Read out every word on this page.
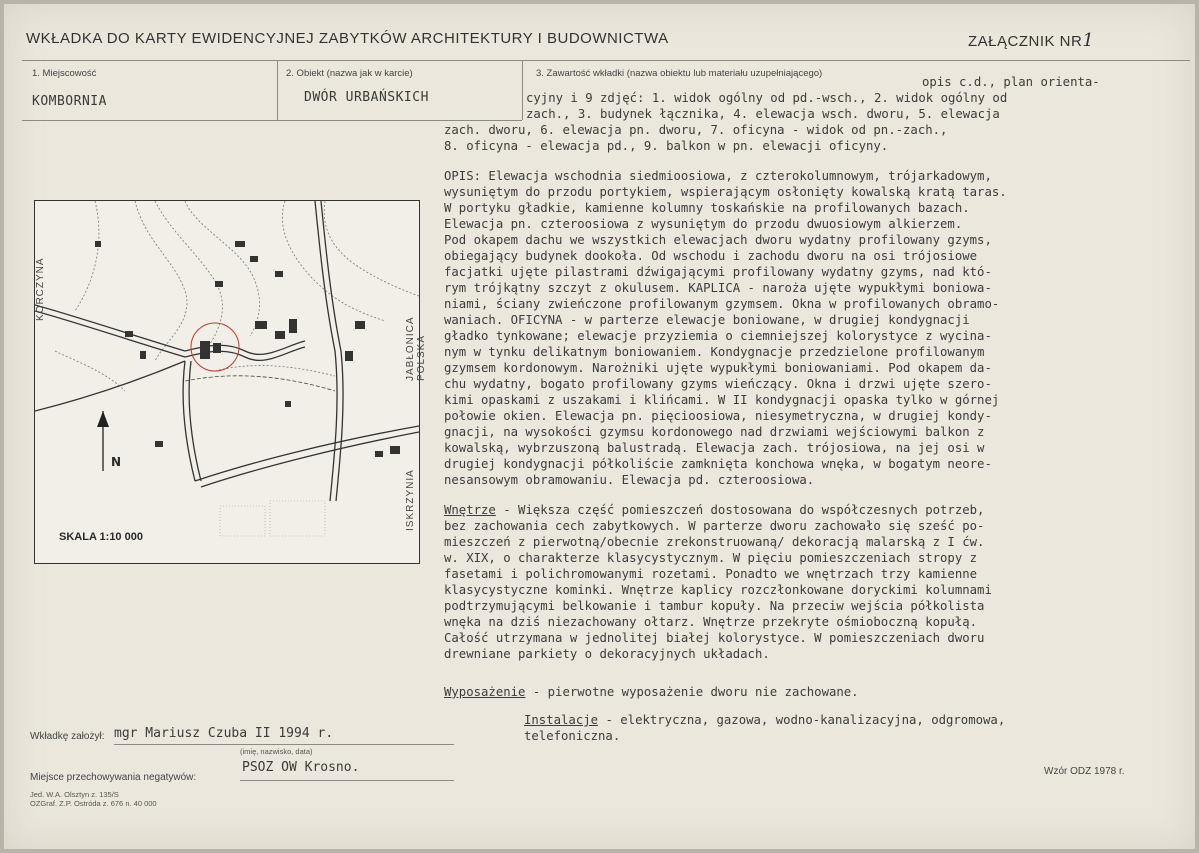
WKŁADKA DO KARTY EWIDENCYJNEJ ZABYTKÓW ARCHITEKTURY I BUDOWNICTWA	ZAŁĄCZNIK NR1
1. Miejscowość
KOMBORNIA
2. Obiekt (nazwa jak w karcie)
DWÓR URBAŃSKICH
3. Zawartość wkładki (nazwa obiektu lub materiału uzupełniającego)
opis c.d., plan orienta-
cyjny i 9 zdjęć: 1. widok ogólny od pd.-wsch., 2. widok ogólny od
zach., 3. budynek łącznika, 4. elewacja wsch. dworu, 5. elewacja
zach. dworu, 6. elewacja pn. dworu, 7. oficyna - widok od pn.-zach.,
8. oficyna - elewacja pd., 9. balkon w pn. elewacji oficyny.
OPIS: Elewacja wschodnia siedmioosiowa, z czterokolumnowym, trójarkadowym,
wysuniętym do przodu portykiem, wspierającym osłonięty kowalską kratą taras.
W portyku gładkie, kamienne kolumny toskańskie na profilowanych bazach.
Elewacja pn. czteroosiowa z wysuniętym do przodu dwuosiowym alkierzem.
Pod okapem dachu we wszystkich elewacjach dworu wydatny profilowany gzyms,
obiegający budynek dookoła. Od wschodu i zachodu dworu na osi trójosiowe
facjatki ujęte pilastrami dźwigającymi profilowany wydatny gzyms, nad któ-
rym trójkątny szczyt z okulusem. KAPLICA - naroża ujęte wypukłymi boniowa-
niami, ściany zwieńczone profilowanym gzymsem. Okna w profilowanych obramo-
waniach. OFICYNA - w parterze elewacje boniowane, w drugiej kondygnacji
gładko tynkowane; elewacje przyziemia o ciemniejszej kolorystyce z wycina-
nym w tynku delikatnym boniowaniem. Kondygnacje przedzielone profilowanym
gzymsem kordonowym. Narożniki ujęte wypukłymi boniowaniami. Pod okapem da-
chu wydatny, bogato profilowany gzyms wieńczący. Okna i drzwi ujęte szero-
kimi opaskami z uszakami i klińcami. W II kondygnacji opaska tylko w górnej
połowie okien. Elewacja pn. pięcioosiowa, niesymetryczna, w drugiej kondy-
gnacji, na wysokości gzymsu kordonowego nad drzwiami wejściowymi balkon z
kowalską, wybrzuszoną balustradą. Elewacja zach. trójosiowa, na jej osi w
drugiej kondygnacji półkoliście zamknięta konchowa wnęka, w bogatym neore-
nesansowym obramowaniu. Elewacja pd. czteroosiowa.
Wnętrze - Większa część pomieszczeń dostosowana do współczesnych potrzeb,
bez zachowania cech zabytkowych. W parterze dworu zachowało się sześć po-
mieszczeń z pierwotną/obecnie zrekonstruowaną/ dekoracją malarską z I ćw.
w. XIX, o charakterze klasycystycznym. W pięciu pomieszczeniach stropy z
fasetami i polichromowanymi rozetami. Ponadto we wnętrzach trzy kamienne
klasycystyczne kominki. Wnętrze kaplicy rozczłonkowane doryckimi kolumnami
podtrzymującymi belkowanie i tambur kopuły. Na przeciw wejścia półkolista
wnęka na dziś niezachowany ołtarz. Wnętrze przekryte ośmioboczną kopułą.
Całość utrzymana w jednolitej białej kolorystyce. W pomieszczeniach dworu
drewniane parkiety o dekoracyjnych układach.
Wyposażenie - pierwotne wyposażenie dworu nie zachowane.
Instalacje - elektryczna, gazowa, wodno-kanalizacyjna, odgromowa,
telefoniczna.
KORCZYNA
JABŁONICA POLSKA
ISKRZYNIA
N
SKALA 1:10 000
Wkładkę założył: mgr Mariusz Czuba II 1994 r.
(imię, nazwisko, data)
Miejsce przechowywania negatywów:
PSOZ OW Krosno.
Jed. W.A. Olsztyn z. 135/S
OZGraf. Z.P. Ostróda z. 676 n. 40 000
Wzór ODZ 1978 r.
